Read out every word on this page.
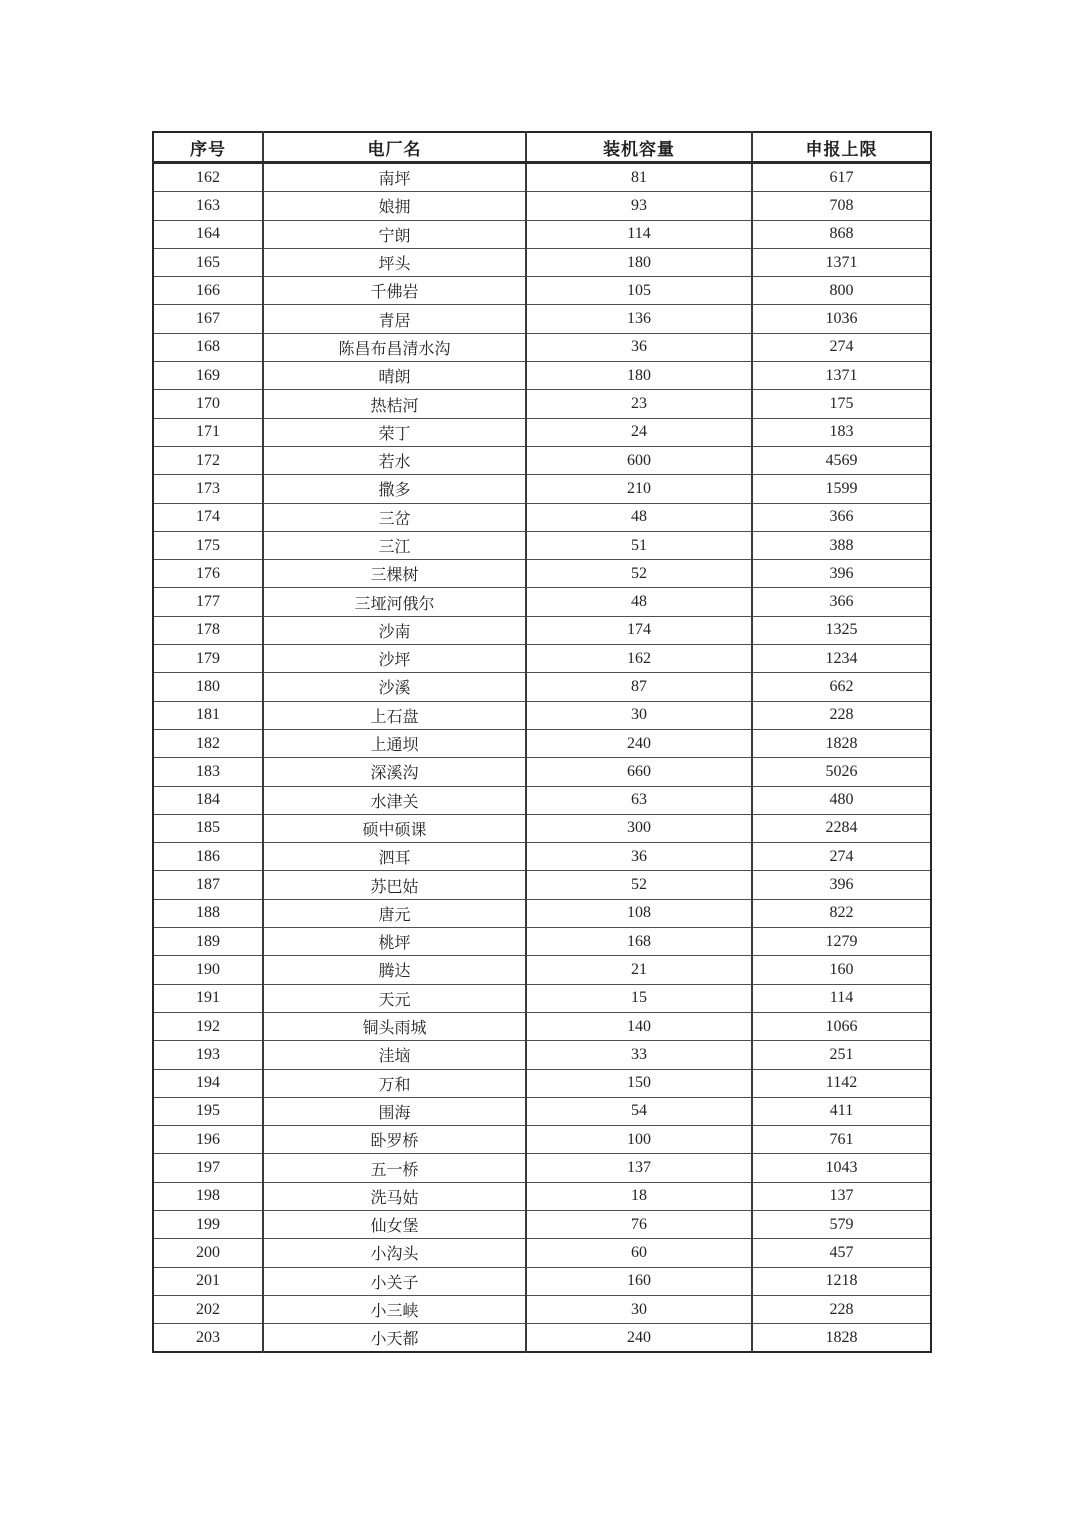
序号	电厂名	装机容量	申报上限
162	南坪	81	617
163	娘拥	93	708
164	宁朗	114	868
165	坪头	180	1371
166	千佛岩	105	800
167	青居	136	1036
168	陈昌布昌清水沟	36	274
169	晴朗	180	1371
170	热桔河	23	175
171	荣丁	24	183
172	若水	600	4569
173	撒多	210	1599
174	三岔	48	366
175	三江	51	388
176	三棵树	52	396
177	三垭河俄尔	48	366
178	沙南	174	1325
179	沙坪	162	1234
180	沙溪	87	662
181	上石盘	30	228
182	上通坝	240	1828
183	深溪沟	660	5026
184	水津关	63	480
185	硕中硕课	300	2284
186	泗耳	36	274
187	苏巴姑	52	396
188	唐元	108	822
189	桃坪	168	1279
190	腾达	21	160
191	天元	15	114
192	铜头雨城	140	1066
193	洼垴	33	251
194	万和	150	1142
195	围海	54	411
196	卧罗桥	100	761
197	五一桥	137	1043
198	洗马姑	18	137
199	仙女堡	76	579
200	小沟头	60	457
201	小关子	160	1218
202	小三峡	30	228
203	小天都	240	1828
